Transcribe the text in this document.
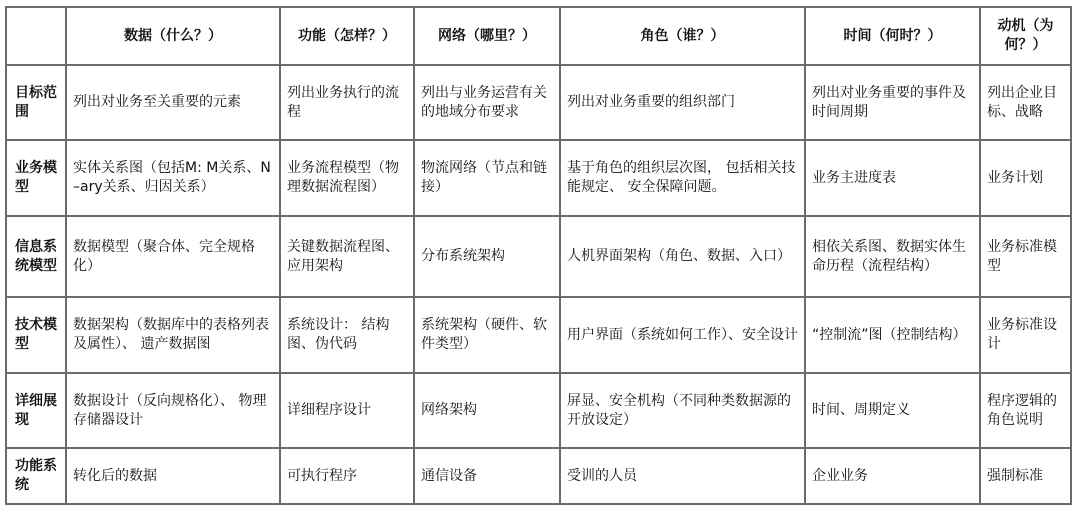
	数据（什么？）	功能（怎样？）	网络（哪里？）	角色（谁？）	时间（何时？）	动机（为何？）
目标范围	列出对业务至关重要的元素	列出业务执行的流程	列出与业务运营有关的地域分布要求	列出对业务重要的组织部门	列出对业务重要的事件及时间周期	列出企业目标、战略
业务模型	实体关系图（包括M: M关系、N–ary关系、归因关系）	业务流程模型（物理数据流程图）	物流网络（节点和链接）	基于角色的组织层次图， 包括相关技能规定、 安全保障问题。	业务主进度表	业务计划
信息系统模型	数据模型（聚合体、完全规格化）	关键数据流程图、 应用架构	分布系统架构	人机界面架构（角色、数据、入口）	相依关系图、数据实体生命历程（流程结构）	业务标准模型
技术模型	数据架构（数据库中的表格列表及属性）、 遗产数据图	系统设计： 结构图、伪代码	系统架构（硬件、软件类型）	用户界面（系统如何工作）、安全设计	“控制流”图（控制结构）	业务标准设计
详细展现	数据设计（反向规格化）、 物理存储器设计	详细程序设计	网络架构	屏显、安全机构（不同种类数据源的开放设定）	时间、周期定义	程序逻辑的角色说明
功能系统	转化后的数据	可执行程序	通信设备	受训的人员	企业业务	强制标准
